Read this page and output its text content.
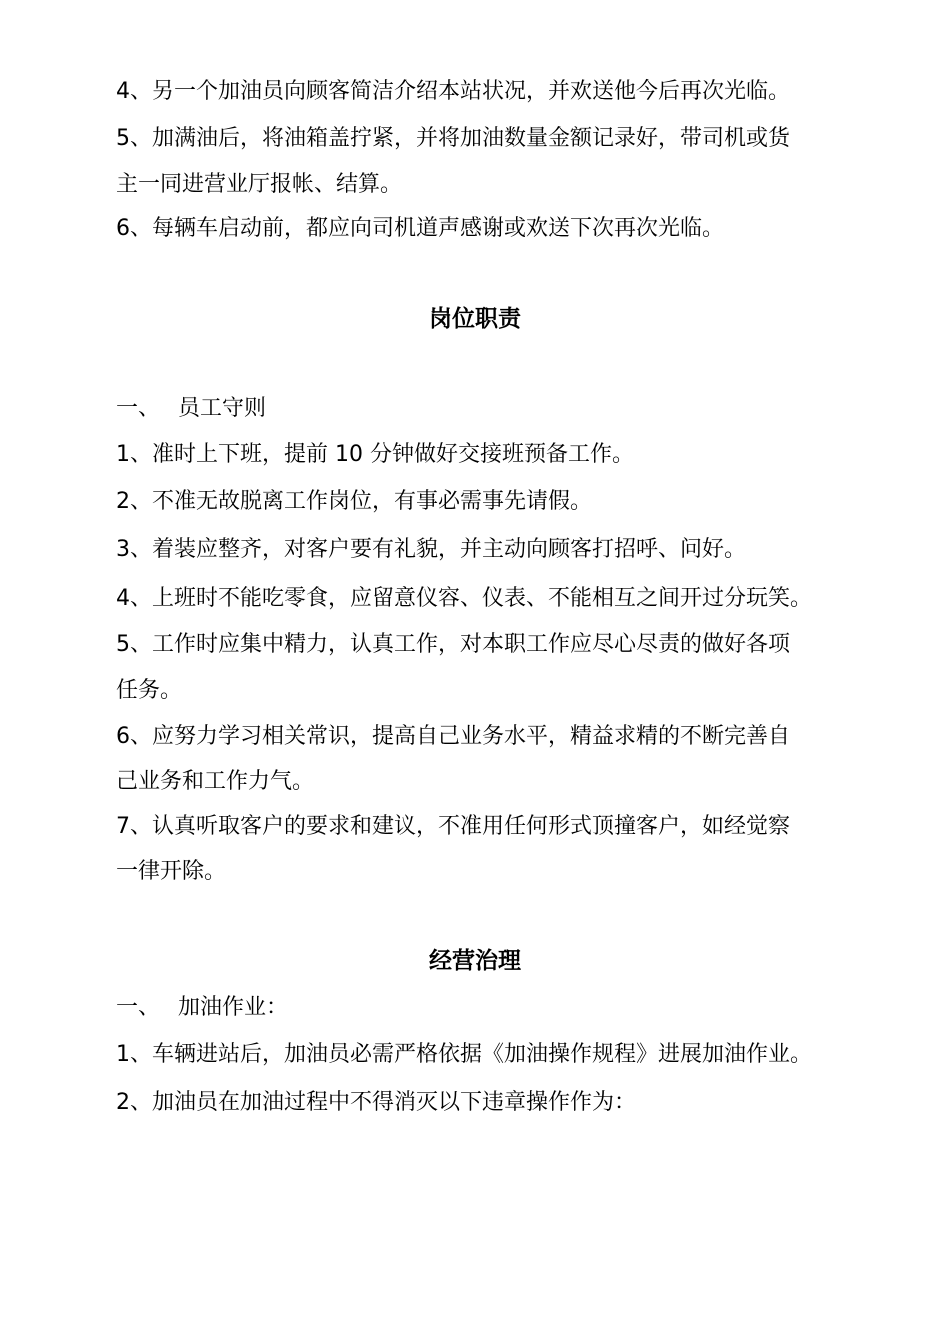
4、另一个加油员向顾客简洁介绍本站状况，并欢送他今后再次光临。
5、加满油后，将油箱盖拧紧，并将加油数量金额记录好，带司机或货
主一同进营业厅报帐、结算。
6、每辆车启动前，都应向司机道声感谢或欢送下次再次光临。
岗位职责
一、 员工守则
1、准时上下班，提前 10 分钟做好交接班预备工作。
2、不准无故脱离工作岗位，有事必需事先请假。
3、着装应整齐，对客户要有礼貌，并主动向顾客打招呼、问好。
4、上班时不能吃零食，应留意仪容、仪表、不能相互之间开过分玩笑。
5、工作时应集中精力，认真工作，对本职工作应尽心尽责的做好各项
任务。
6、应努力学习相关常识，提高自己业务水平，精益求精的不断完善自
己业务和工作力气。
7、认真听取客户的要求和建议，不准用任何形式顶撞客户，如经觉察
一律开除。
经营治理
一、 加油作业：
1、车辆进站后，加油员必需严格依据《加油操作规程》进展加油作业。
2、加油员在加油过程中不得消灭以下违章操作作为：
